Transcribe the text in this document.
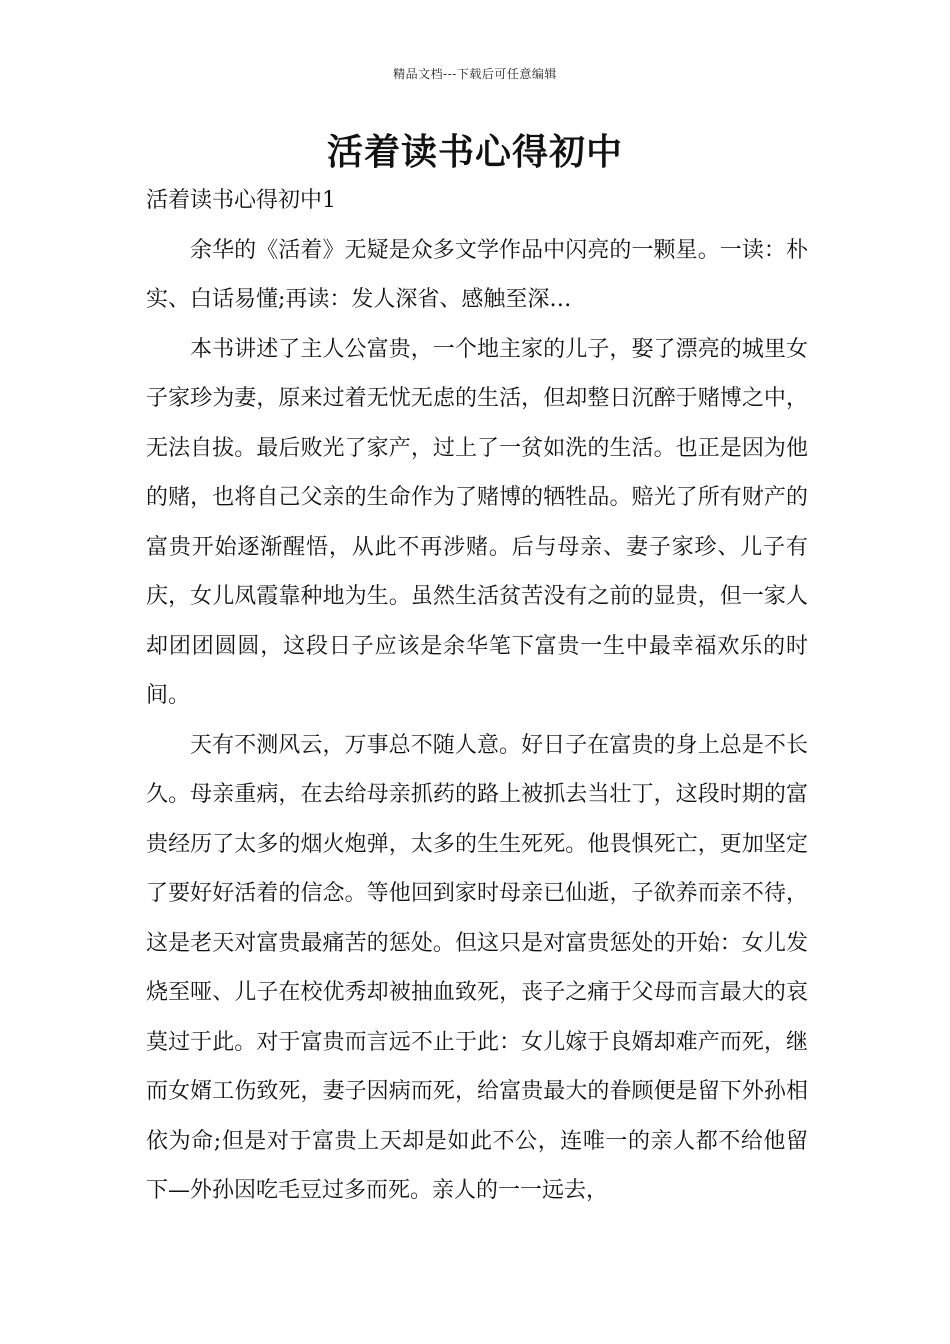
精品文档---下载后可任意编辑
活着读书心得初中

活着读书心得初中1

余华的《活着》无疑是众多文学作品中闪亮的一颗星。一读：朴实、白话易懂;再读：发人深省、感触至深…

本书讲述了主人公富贵，一个地主家的儿子，娶了漂亮的城里女子家珍为妻，原来过着无忧无虑的生活，但却整日沉醉于赌博之中，无法自拔。最后败光了家产，过上了一贫如洗的生活。也正是因为他的赌，也将自己父亲的生命作为了赌博的牺牲品。赔光了所有财产的富贵开始逐渐醒悟，从此不再涉赌。后与母亲、妻子家珍、儿子有庆，女儿凤霞靠种地为生。虽然生活贫苦没有之前的显贵，但一家人却团团圆圆，这段日子应该是余华笔下富贵一生中最幸福欢乐的时间。

天有不测风云，万事总不随人意。好日子在富贵的身上总是不长久。母亲重病，在去给母亲抓药的路上被抓去当壮丁，这段时期的富贵经历了太多的烟火炮弹，太多的生生死死。他畏惧死亡，更加坚定了要好好活着的信念。等他回到家时母亲已仙逝，子欲养而亲不待，这是老天对富贵最痛苦的惩处。但这只是对富贵惩处的开始：女儿发烧至哑、儿子在校优秀却被抽血致死，丧子之痛于父母而言最大的哀莫过于此。对于富贵而言远不止于此：女儿嫁于良婿却难产而死，继而女婿工伤致死，妻子因病而死，给富贵最大的眷顾便是留下外孙相依为命;但是对于富贵上天却是如此不公，连唯一的亲人都不给他留下—外孙因吃毛豆过多而死。亲人的一一远去，
